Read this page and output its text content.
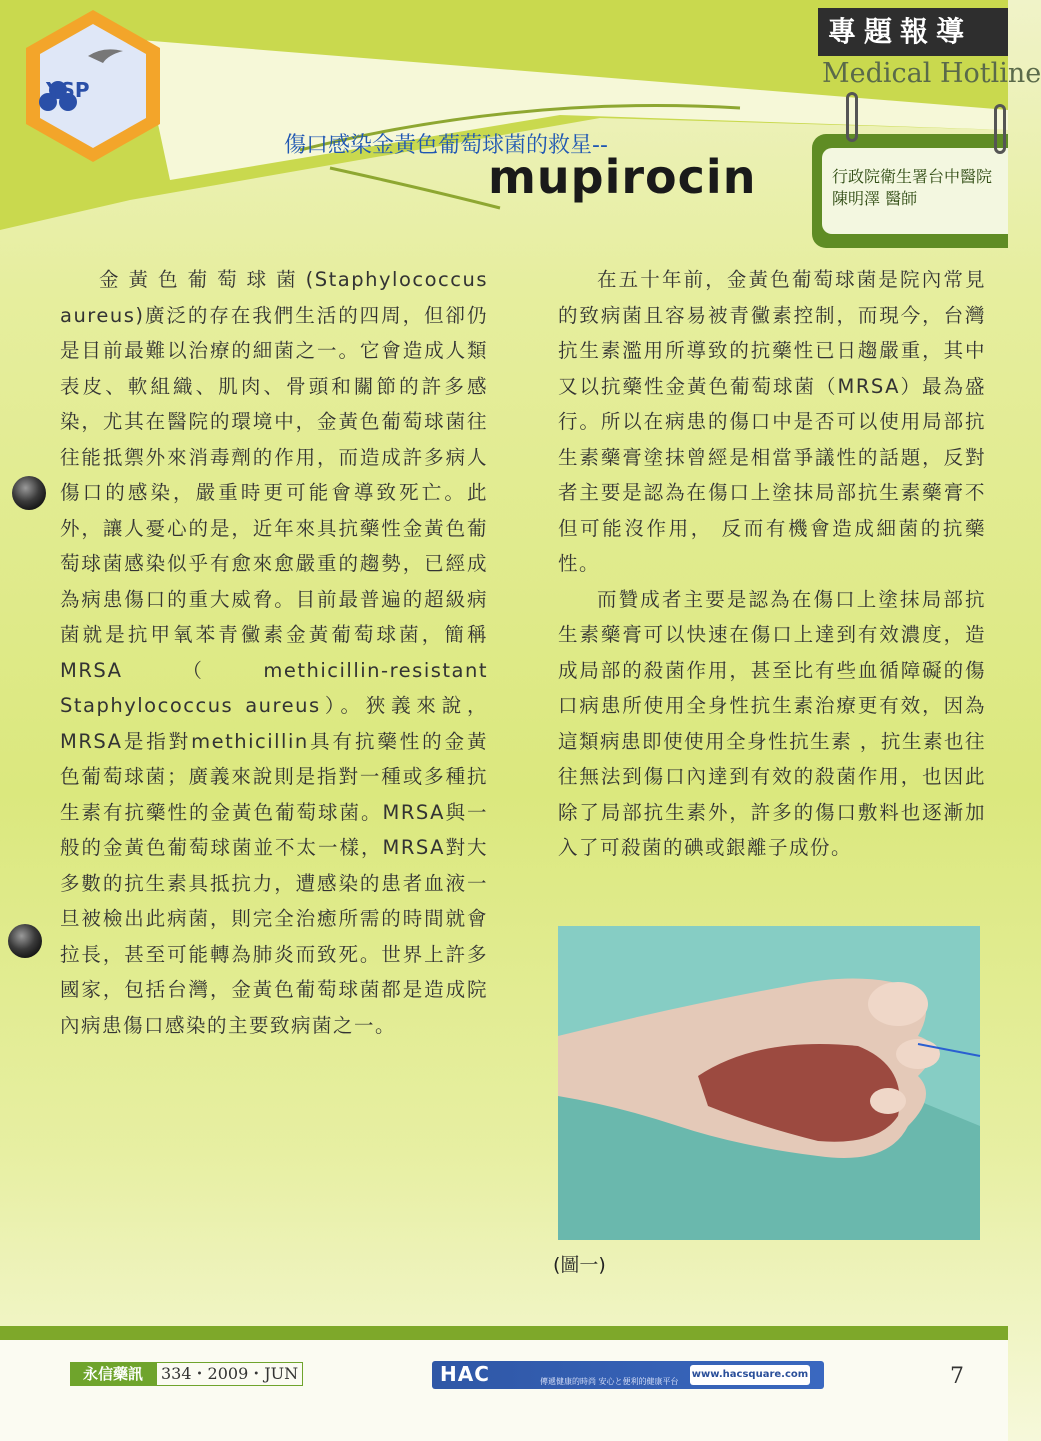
YSP
專題報導
Medical Hotline
行政院衛生署台中醫院
陳明澤 醫師
傷口感染金黃色葡萄球菌的救星--
mupirocin

金黃色葡萄球菌(Staphylococcus aureus)廣泛的存在我們生活的四周，但卻仍是目前最難以治療的細菌之一。它會造成人類表皮、軟組織、肌肉、骨頭和關節的許多感染，尤其在醫院的環境中，金黃色葡萄球菌往往能抵禦外來消毒劑的作用，而造成許多病人傷口的感染，嚴重時更可能會導致死亡。此外，讓人憂心的是，近年來具抗藥性金黃色葡萄球菌感染似乎有愈來愈嚴重的趨勢，已經成為病患傷口的重大威脅。目前最普遍的超級病菌就是抗甲氧苯青黴素金黃葡萄球菌，簡稱MRSA（methicillin-resistant Staphylococcus aureus）。狹義來說，MRSA是指對methicillin具有抗藥性的金黃色葡萄球菌；廣義來說則是指對一種或多種抗生素有抗藥性的金黃色葡萄球菌。MRSA與一般的金黃色葡萄球菌並不太一樣，MRSA對大多數的抗生素具抵抗力，遭感染的患者血液一旦被檢出此病菌，則完全治癒所需的時間就會拉長，甚至可能轉為肺炎而致死。世界上許多國家，包括台灣，金黃色葡萄球菌都是造成院內病患傷口感染的主要致病菌之一。

在五十年前，金黃色葡萄球菌是院內常見的致病菌且容易被青黴素控制，而現今，台灣抗生素濫用所導致的抗藥性已日趨嚴重，其中又以抗藥性金黃色葡萄球菌（MRSA）最為盛行。所以在病患的傷口中是否可以使用局部抗生素藥膏塗抹曾經是相當爭議性的話題，反對者主要是認為在傷口上塗抹局部抗生素藥膏不但可能沒作用， 反而有機會造成細菌的抗藥性。

而贊成者主要是認為在傷口上塗抹局部抗生素藥膏可以快速在傷口上達到有效濃度，造成局部的殺菌作用，甚至比有些血循障礙的傷口病患所使用全身性抗生素治療更有效，因為這類病患即使使用全身性抗生素 ，抗生素也往往無法到傷口內達到有效的殺菌作用，也因此除了局部抗生素外，許多的傷口敷料也逐漸加入了可殺菌的碘或銀離子成份。

(圖一)
永信藥訊	334・2009・JUN	HAC	傳遞健康的時尚 安心と便利的健康平台
www.hacsquare.com	7
